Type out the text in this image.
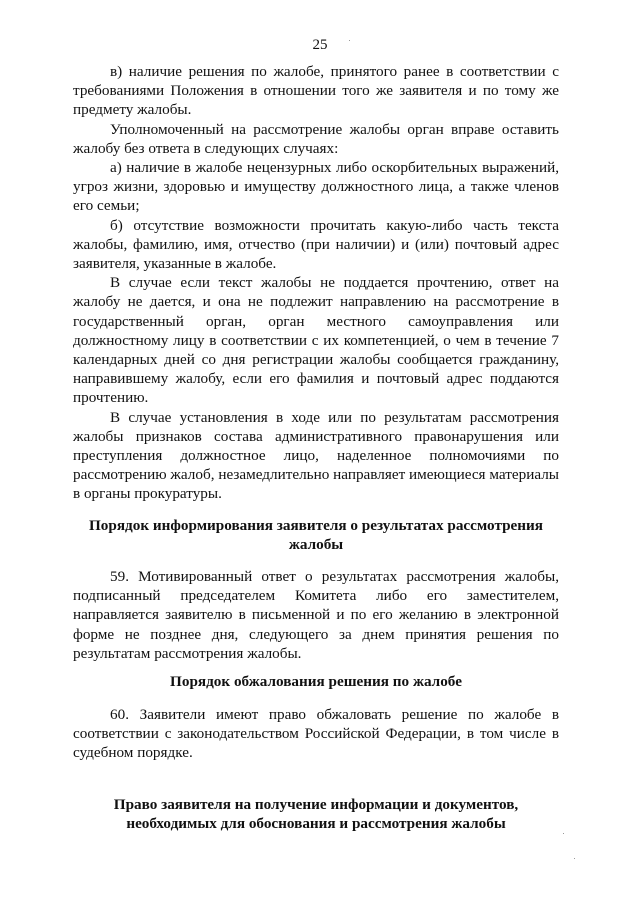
25

в) наличие решения по жалобе, принятого ранее в соответствии с требованиями Положения в отношении того же заявителя и по тому же предмету жалобы.

Уполномоченный на рассмотрение жалобы орган вправе оставить жалобу без ответа в следующих случаях:

а) наличие в жалобе нецензурных либо оскорбительных выражений, угроз жизни, здоровью и имуществу должностного лица, а также членов его семьи;

б) отсутствие возможности прочитать какую-либо часть текста жалобы, фамилию, имя, отчество (при наличии) и (или) почтовый адрес заявителя, указанные в жалобе.

В случае если текст жалобы не поддается прочтению, ответ на жалобу не дается, и она не подлежит направлению на рассмотрение в государственный орган, орган местного самоуправления или должностному лицу в соответствии с их компетенцией, о чем в течение 7 календарных дней со дня регистрации жалобы сообщается гражданину, направившему жалобу, если его фамилия и почтовый адрес поддаются прочтению.

В случае установления в ходе или по результатам рассмотрения жалобы признаков состава административного правонарушения или преступления должностное лицо, наделенное полномочиями по рассмотрению жалоб, незамедлительно направляет имеющиеся материалы в органы прокуратуры.

Порядок информирования заявителя о результатах рассмотрения
жалобы

59. Мотивированный ответ о результатах рассмотрения жалобы, подписанный председателем Комитета либо его заместителем, направляется заявителю в письменной и по его желанию в электронной форме не позднее дня, следующего за днем принятия решения по результатам рассмотрения жалобы.

Порядок обжалования решения по жалобе

60. Заявители имеют право обжаловать решение по жалобе в соответствии с законодательством Российской Федерации, в том числе в судебном порядке.

Право заявителя на получение информации и документов,
необходимых для обоснования и рассмотрения жалобы
